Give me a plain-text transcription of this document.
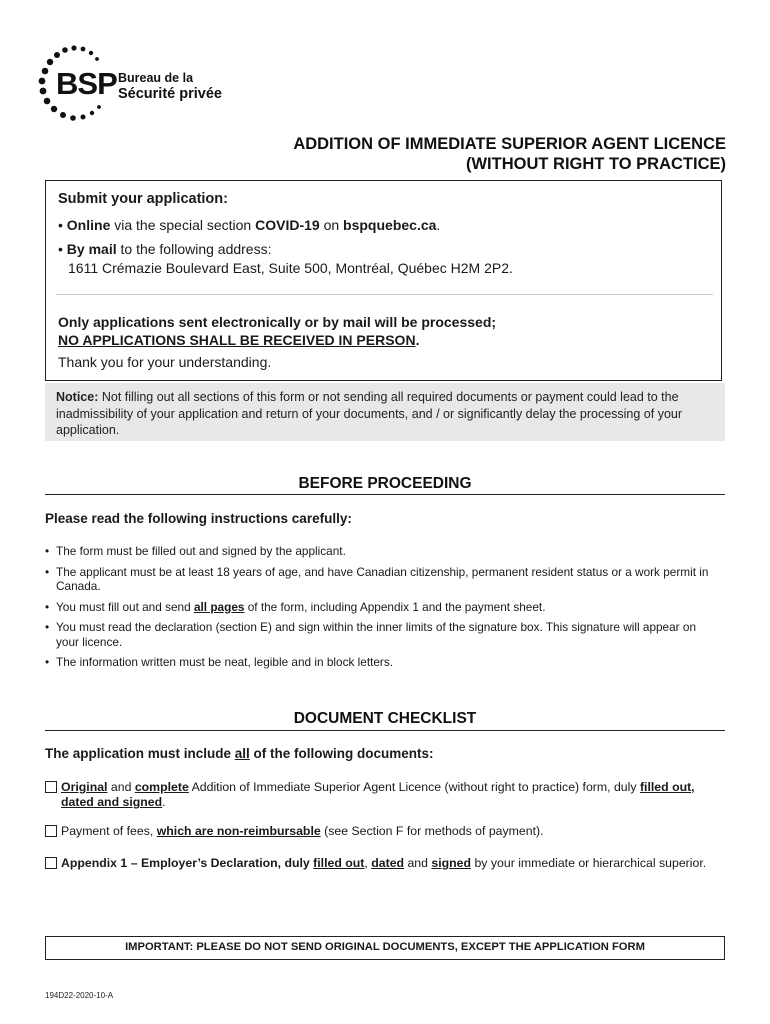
BSP Bureau de la
Sécurité privée
ADDITION OF IMMEDIATE SUPERIOR AGENT LICENCE
(WITHOUT RIGHT TO PRACTICE)
Submit your application:
• Online via the special section COVID-19 on bspquebec.ca.
• By mail to the following address:
1611 Crémazie Boulevard East, Suite 500, Montréal, Québec H2M 2P2.
Only applications sent electronically or by mail will be processed;
NO APPLICATIONS SHALL BE RECEIVED IN PERSON.
Thank you for your understanding.
Notice: Not filling out all sections of this form or not sending all required documents or payment could lead to the inadmissibility of your application and return of your documents, and / or significantly delay the processing of your application.
BEFORE PROCEEDING
Please read the following instructions carefully:
• The form must be filled out and signed by the applicant.
• The applicant must be at least 18 years of age, and have Canadian citizenship, permanent resident status or a work permit in Canada.
• You must fill out and send all pages of the form, including Appendix 1 and the payment sheet.
• You must read the declaration (section E) and sign within the inner limits of the signature box. This signature will appear on your licence.
• The information written must be neat, legible and in block letters.
DOCUMENT CHECKLIST
The application must include all of the following documents:
Original and complete Addition of Immediate Superior Agent Licence (without right to practice) form, duly filled out, dated and signed.
Payment of fees, which are non-reimbursable (see Section F for methods of payment).
Appendix 1 – Employer’s Declaration, duly filled out, dated and signed by your immediate or hierarchical superior.
IMPORTANT: PLEASE DO NOT SEND ORIGINAL DOCUMENTS, EXCEPT THE APPLICATION FORM
194D22-2020-10-A
